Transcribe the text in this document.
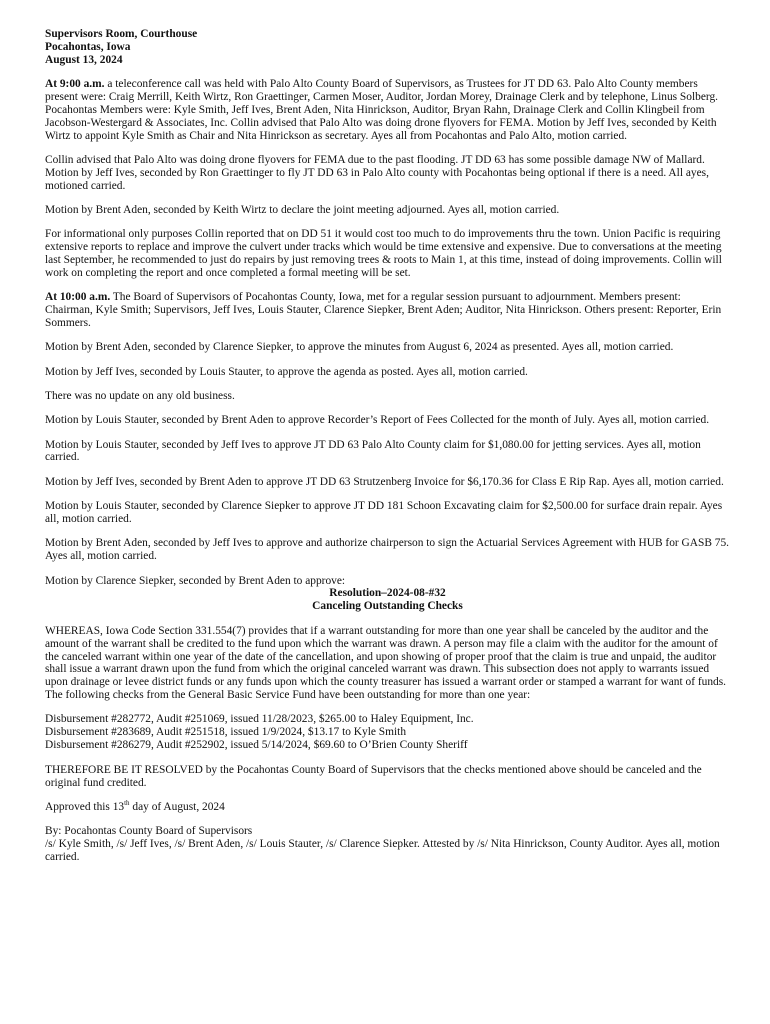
Supervisors Room, Courthouse
Pocahontas, Iowa
August 13, 2024

At 9:00 a.m. a teleconference call was held with Palo Alto County Board of Supervisors, as Trustees for JT DD 63. Palo Alto County members present were: Craig Merrill, Keith Wirtz, Ron Graettinger, Carmen Moser, Auditor, Jordan Morey, Drainage Clerk and by telephone, Linus Solberg. Pocahontas Members were: Kyle Smith, Jeff Ives, Brent Aden, Nita Hinrickson, Auditor, Bryan Rahn, Drainage Clerk and Collin Klingbeil from Jacobson-Westergard & Associates, Inc. Collin advised that Palo Alto was doing drone flyovers for FEMA. Motion by Jeff Ives, seconded by Keith Wirtz to appoint Kyle Smith as Chair and Nita Hinrickson as secretary. Ayes all from Pocahontas and Palo Alto, motion carried.

Collin advised that Palo Alto was doing drone flyovers for FEMA due to the past flooding. JT DD 63 has some possible damage NW of Mallard. Motion by Jeff Ives, seconded by Ron Graettinger to fly JT DD 63 in Palo Alto county with Pocahontas being optional if there is a need. All ayes, motioned carried.

Motion by Brent Aden, seconded by Keith Wirtz to declare the joint meeting adjourned. Ayes all, motion carried.

For informational only purposes Collin reported that on DD 51 it would cost too much to do improvements thru the town. Union Pacific is requiring extensive reports to replace and improve the culvert under tracks which would be time extensive and expensive. Due to conversations at the meeting last September, he recommended to just do repairs by just removing trees & roots to Main 1, at this time, instead of doing improvements. Collin will work on completing the report and once completed a formal meeting will be set.

At 10:00 a.m. The Board of Supervisors of Pocahontas County, Iowa, met for a regular session pursuant to adjournment. Members present: Chairman, Kyle Smith; Supervisors, Jeff Ives, Louis Stauter, Clarence Siepker, Brent Aden; Auditor, Nita Hinrickson. Others present: Reporter, Erin Sommers.

Motion by Brent Aden, seconded by Clarence Siepker, to approve the minutes from August 6, 2024 as presented. Ayes all, motion carried.

Motion by Jeff Ives, seconded by Louis Stauter, to approve the agenda as posted. Ayes all, motion carried.

There was no update on any old business.

Motion by Louis Stauter, seconded by Brent Aden to approve Recorder’s Report of Fees Collected for the month of July. Ayes all, motion carried.

Motion by Louis Stauter, seconded by Jeff Ives to approve JT DD 63 Palo Alto County claim for $1,080.00 for jetting services. Ayes all, motion carried.

Motion by Jeff Ives, seconded by Brent Aden to approve JT DD 63 Strutzenberg Invoice for $6,170.36 for Class E Rip Rap. Ayes all, motion carried.

Motion by Louis Stauter, seconded by Clarence Siepker to approve JT DD 181 Schoon Excavating claim for $2,500.00 for surface drain repair. Ayes all, motion carried.

Motion by Brent Aden, seconded by Jeff Ives to approve and authorize chairperson to sign the Actuarial Services Agreement with HUB for GASB 75. Ayes all, motion carried.

Motion by Clarence Siepker, seconded by Brent Aden to approve:

Resolution–2024-08-#32
Canceling Outstanding Checks

WHEREAS, Iowa Code Section 331.554(7) provides that if a warrant outstanding for more than one year shall be canceled by the auditor and the amount of the warrant shall be credited to the fund upon which the warrant was drawn. A person may file a claim with the auditor for the amount of the canceled warrant within one year of the date of the cancellation, and upon showing of proper proof that the claim is true and unpaid, the auditor shall issue a warrant drawn upon the fund from which the original canceled warrant was drawn. This subsection does not apply to warrants issued upon drainage or levee district funds or any funds upon which the county treasurer has issued a warrant order or stamped a warrant for want of funds.

The following checks from the General Basic Service Fund have been outstanding for more than one year:

Disbursement #282772, Audit #251069, issued 11/28/2023, $265.00 to Haley Equipment, Inc.
Disbursement #283689, Audit #251518, issued 1/9/2024, $13.17 to Kyle Smith
Disbursement #286279, Audit #252902, issued 5/14/2024, $69.60 to O’Brien County Sheriff

THEREFORE BE IT RESOLVED by the Pocahontas County Board of Supervisors that the checks mentioned above should be canceled and the original fund credited.

Approved this 13th day of August, 2024

By: Pocahontas County Board of Supervisors
/s/ Kyle Smith, /s/ Jeff Ives, /s/ Brent Aden, /s/ Louis Stauter, /s/ Clarence Siepker. Attested by /s/ Nita Hinrickson, County Auditor. Ayes all, motion carried.
